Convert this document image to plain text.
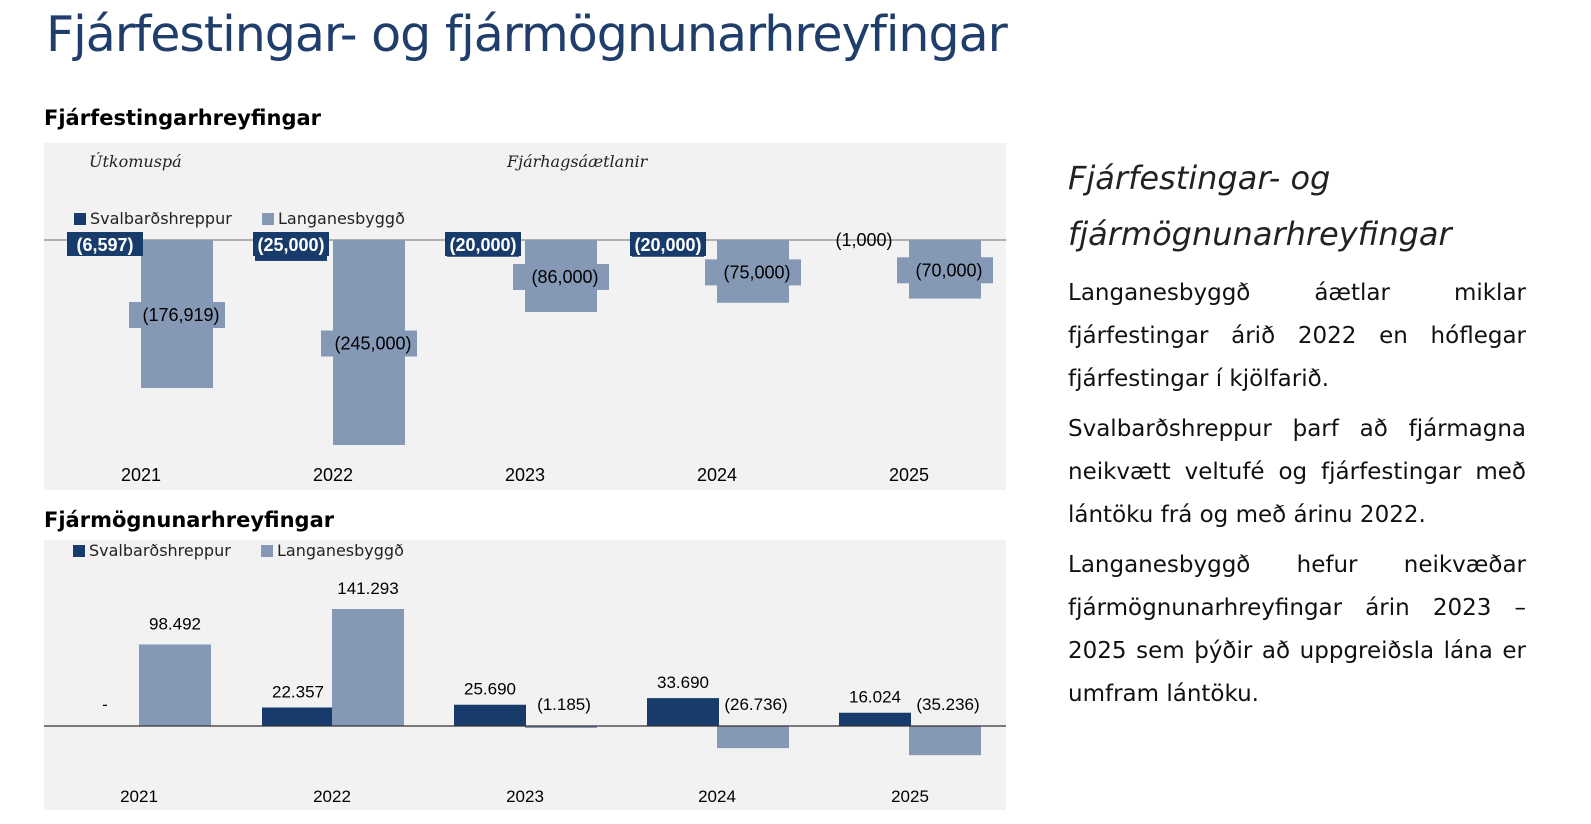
Fjárfestingar- og fjármögnunarhreyfingar
Fjárfestingarhreyfingar
Útkomuspá	Fjárhagsáætlanir
Svalbarðshreppur	Langanesbyggð
(6,597)
(176,919)
2021
(25,000)
(245,000)
2022
(20,000)
(86,000)
2023
(20,000)
(75,000)
2024
(1,000)
(70,000)
2025
Fjármögnunarhreyfingar
Svalbarðshreppur	Langanesbyggð
-
98.492
2021
22.357
141.293
2022
25.690
(1.185)
2023
33.690
(26.736)
2024
16.024 (35.236)
2025
Fjárfestingar- og fjármögnunarhreyfingar

Langanesbyggð áætlar miklar fjárfestingar árið 2022 en hóflegar fjárfestingar í kjölfarið.

Svalbarðshreppur þarf að fjármagna neikvætt veltufé og fjárfestingar með lántöku frá og með árinu 2022.

Langanesbyggð hefur neikvæðar fjármögnunarhreyfingar árin 2023 – 2025 sem þýðir að uppgreiðsla lána er umfram lántöku.
